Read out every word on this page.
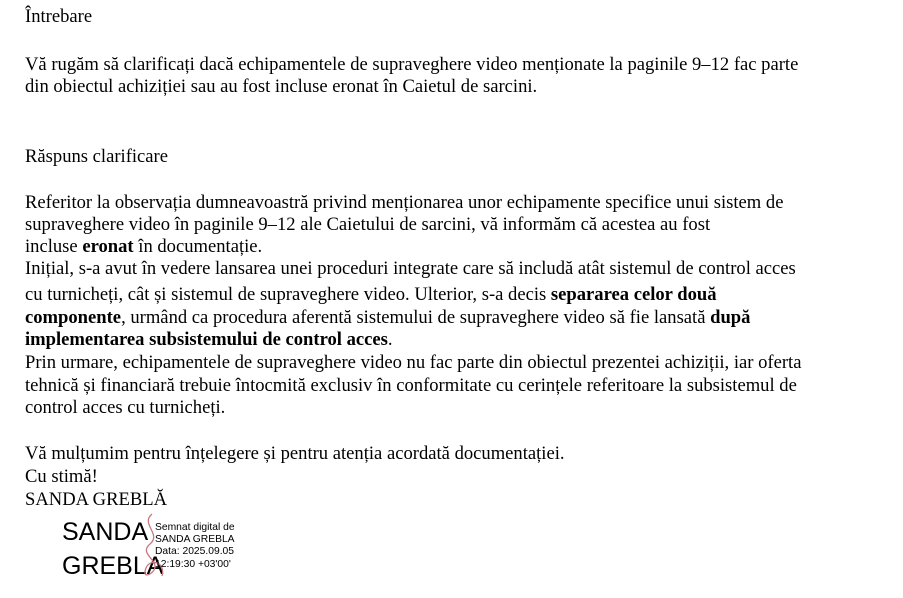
Întrebare
Vă rugăm să clarificați dacă echipamentele de supraveghere video menționate la paginile 9–12 fac parte
din obiectul achiziției sau au fost incluse eronat în Caietul de sarcini.
Răspuns clarificare
Referitor la observația dumneavoastră privind menționarea unor echipamente specifice unui sistem de
supraveghere video în paginile 9–12 ale Caietului de sarcini, vă informăm că acestea au fost
incluse eronat în documentație.
Inițial, s-a avut în vedere lansarea unei proceduri integrate care să includă atât sistemul de control acces
cu turnichеți, cât și sistemul de supraveghere video. Ulterior, s-a decis separarea celor două
componente, urmând ca procedura aferentă sistemului de supraveghere video să fie lansată după
implementarea subsistemului de control acces.
Prin urmare, echipamentele de supraveghere video nu fac parte din obiectul prezentei achiziții, iar oferta
tehnică și financiară trebuie întocmită exclusiv în conformitate cu cerințele referitoare la subsistemul de
control acces cu turnichеți.
Vă mulțumim pentru înțelegere și pentru atenția acordată documentației.
Cu stimă!
SANDA GREBLĂ
SANDA
GREBLA
Semnat digital de
SANDA GREBLA
Data: 2025.09.05
12:19:30 +03'00'
